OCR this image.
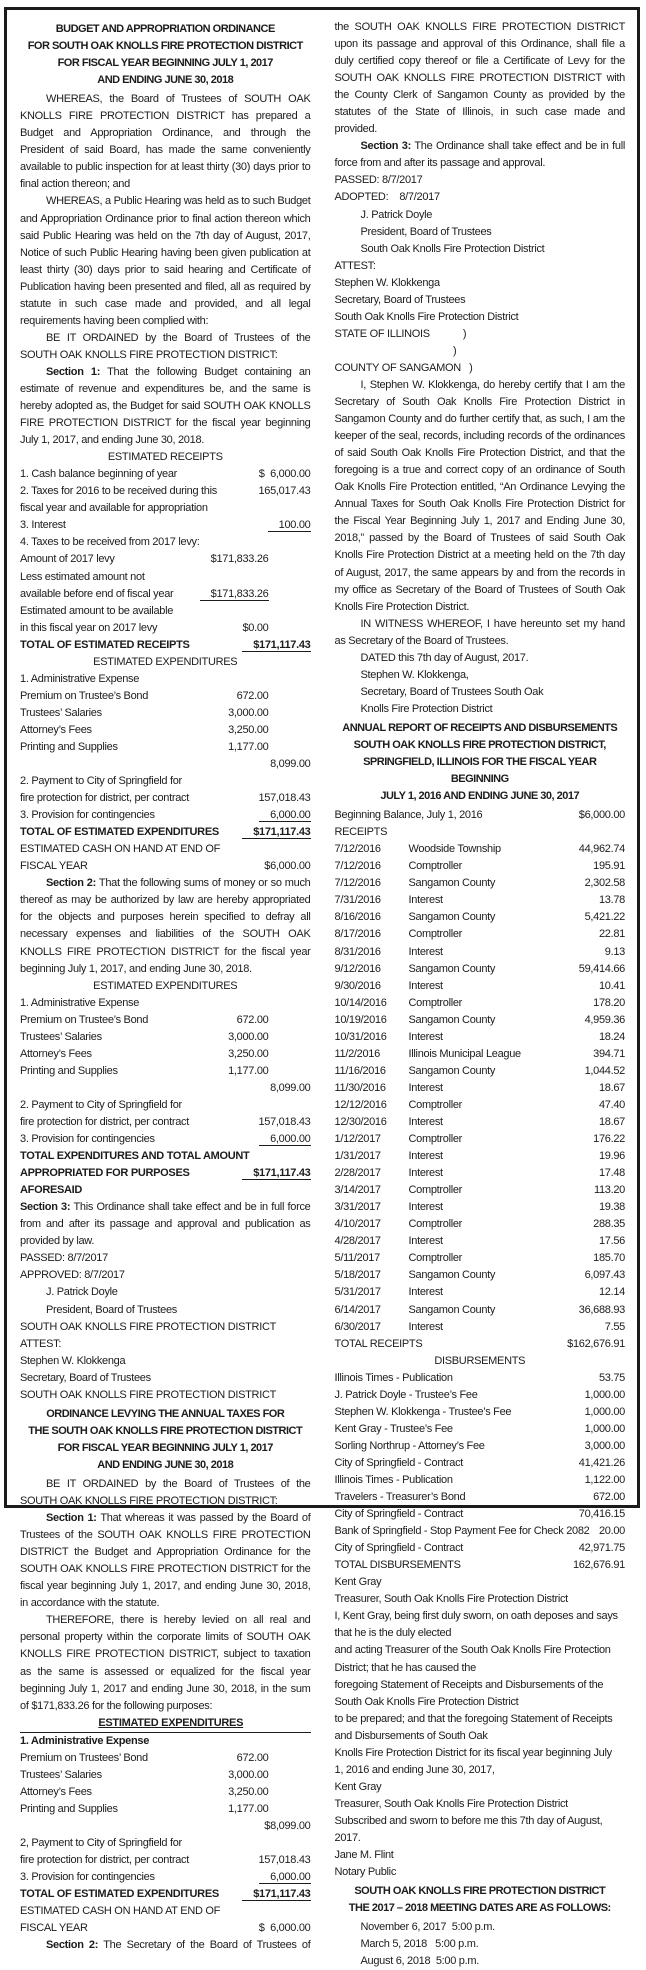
BUDGET AND APPROPRIATION ORDINANCE
FOR SOUTH OAK KNOLLS FIRE PROTECTION DISTRICT
FOR FISCAL YEAR BEGINNING JULY 1, 2017
AND ENDING JUNE 30, 2018
WHEREAS, the Board of Trustees of SOUTH OAK KNOLLS FIRE PROTECTION DISTRICT has prepared a Budget and Appropriation Ordinance, and through the President of said Board, has made the same conveniently available to public inspection for at least thirty (30) days prior to final action thereon; and
WHEREAS, a Public Hearing was held as to such Budget and Appropriation Ordinance prior to final action thereon which said Public Hearing was held on the 7th day of August, 2017, Notice of such Public Hearing having been given publication at least thirty (30) days prior to said hearing and Certificate of Publication having been presented and filed, all as required by statute in such case made and provided, and all legal requirements having been complied with:
BE IT ORDAINED by the Board of Trustees of the SOUTH OAK KNOLLS FIRE PROTECTION DISTRICT:
Section 1: That the following Budget containing an estimate of revenue and expenditures be, and the same is hereby adopted as, the Budget for said SOUTH OAK KNOLLS FIRE PROTECTION DISTRICT for the fiscal year beginning July 1, 2017, and ending June 30, 2018.
ESTIMATED RECEIPTS
1. Cash balance beginning of year	$  6,000.00
2. Taxes for 2016 to be received during this	165,017.43
fiscal year and available for appropriation
3. Interest	100.00
4. Taxes to be received from 2017 levy:
Amount of 2017 levy	$171,833.26
Less estimated amount not
available before end of fiscal year	$171,833.26
Estimated amount to be available
in this fiscal year on 2017 levy	$0.00
TOTAL OF ESTIMATED RECEIPTS	$171,117.43
ESTIMATED EXPENDITURES
1. Administrative Expense
Premium on Trustee’s Bond	672.00
Trustees’ Salaries	3,000.00
Attorney’s Fees	3,250.00
Printing and Supplies	1,177.00
8,099.00
2. Payment to City of Springfield for
fire protection for district, per contract	157,018.43
3. Provision for contingencies	6,000.00
TOTAL OF ESTIMATED EXPENDITURES	$171,117.43
ESTIMATED CASH ON HAND AT END OF
FISCAL YEAR	$6,000.00
Section 2: That the following sums of money or so much thereof as may be authorized by law are hereby appropriated for the objects and purposes herein specified to defray all necessary expenses and liabilities of the SOUTH OAK KNOLLS FIRE PROTECTION DISTRICT for the fiscal year beginning July 1, 2017, and ending June 30, 2018.
ESTIMATED EXPENDITURES
1. Administrative Expense
Premium on Trustee’s Bond	672.00
Trustees’ Salaries	3,000.00
Attorney’s Fees	3,250.00
Printing and Supplies	1,177.00
8,099.00
2. Payment to City of Springfield for
fire protection for district, per contract	157,018.43
3. Provision for contingencies	6,000.00
TOTAL EXPENDITURES AND TOTAL AMOUNT
APPROPRIATED FOR PURPOSES AFORESAID
$171,117.43
Section 3: This Ordinance shall take effect and be in full force from and after its passage and approval and publication as provided by law.
PASSED: 8/7/2017
APPROVED: 8/7/2017
J. Patrick Doyle
President, Board of Trustees
SOUTH OAK KNOLLS FIRE PROTECTION DISTRICT
ATTEST:
Stephen W. Klokkenga
Secretary, Board of Trustees
SOUTH OAK KNOLLS FIRE PROTECTION DISTRICT
ORDINANCE LEVYING THE ANNUAL TAXES FOR
THE SOUTH OAK KNOLLS FIRE PROTECTION DISTRICT
FOR FISCAL YEAR BEGINNING JULY 1, 2017
AND ENDING JUNE 30, 2018
BE IT ORDAINED by the Board of Trustees of the SOUTH OAK KNOLLS FIRE PROTECTION DISTRICT:
Section 1: That whereas it was passed by the Board of Trustees of the SOUTH OAK KNOLLS FIRE PROTECTION DISTRICT the Budget and Appropriation Ordinance for the SOUTH OAK KNOLLS FIRE PROTECTION DISTRICT for the fiscal year beginning July 1, 2017, and ending June 30, 2018, in accordance with the statute.
THEREFORE, there is hereby levied on all real and personal property within the corporate limits of SOUTH OAK KNOLLS FIRE PROTECTION DISTRICT, subject to taxation as the same is assessed or equalized for the fiscal year beginning July 1, 2017 and ending June 30, 2018, in the sum of $171,833.26 for the following purposes:
ESTIMATED EXPENDITURES
1. Administrative Expense
Premium on Trustees’ Bond	672.00
Trustees’ Salaries	3,000.00
Attorney’s Fees	3,250.00
Printing and Supplies	1,177.00
$8,099.00
2, Payment to City of Springfield for
fire protection for district, per contract	157,018.43
3. Provision for contingencies	6,000.00
TOTAL OF ESTIMATED EXPENDITURES	$171,117.43
ESTIMATED CASH ON HAND AT END OF
FISCAL YEAR	$  6,000.00
Section 2: The Secretary of the Board of Trustees of
the SOUTH OAK KNOLLS FIRE PROTECTION DISTRICT upon its passage and approval of this Ordinance, shall file a duly certified copy thereof or file a Certificate of Levy for the SOUTH OAK KNOLLS FIRE PROTECTION DISTRICT with the County Clerk of Sangamon County as provided by the statutes of the State of Illinois, in such case made and provided.
Section 3: The Ordinance shall take effect and be in full force from and after its passage and approval.
PASSED: 8/7/2017
ADOPTED:    8/7/2017
J. Patrick Doyle
President, Board of Trustees
South Oak Knolls Fire Protection District
ATTEST:
Stephen W. Klokkenga
Secretary, Board of Trustees
South Oak Knolls Fire Protection District
STATE OF ILLINOIS            )
)
COUNTY OF SANGAMON   )
I, Stephen W. Klokkenga, do hereby certify that I am the Secretary of South Oak Knolls Fire Protection District in Sangamon County and do further certify that, as such, I am the keeper of the seal, records, including records of the ordinances of said South Oak Knolls Fire Protection District, and that the foregoing is a true and correct copy of an ordinance of South Oak Knolls Fire Protection entitled, “An Ordinance Levying the Annual Taxes for South Oak Knolls Fire Protection District for the Fiscal Year Beginning July 1, 2017 and Ending June 30, 2018,” passed by the Board of Trustees of said South Oak Knolls Fire Protection District at a meeting held on the 7th day of August, 2017, the same appears by and from the records in my office as Secretary of the Board of Trustees of South Oak Knolls Fire Protection District.
IN WITNESS WHEREOF, I have hereunto set my hand as Secretary of the Board of Trustees.
DATED this 7th day of August, 2017.
Stephen W. Klokkenga,
Secretary, Board of Trustees South Oak
Knolls Fire Protection District
ANNUAL REPORT OF RECEIPTS AND DISBURSEMENTS
SOUTH OAK KNOLLS FIRE PROTECTION DISTRICT,
SPRINGFIELD, ILLINOIS FOR THE FISCAL YEAR BEGINNING
JULY 1, 2016 AND ENDING JUNE 30, 2017
Beginning Balance, July 1, 2016	$6,000.00
RECEIPTS
7/12/2016	Woodside Township	44,962.74
7/12/2016	Comptroller	195.91
7/12/2016	Sangamon County	2,302.58
7/31/2016	Interest	13.78
8/16/2016	Sangamon County	5,421.22
8/17/2016	Comptroller	22.81
8/31/2016	Interest	9.13
9/12/2016	Sangamon County	59,414.66
9/30/2016	Interest	10.41
10/14/2016	Comptroller	178.20
10/19/2016	Sangamon County	4,959.36
10/31/2016	Interest	18.24
11/2/2016	Illinois Municipal League	394.71
11/16/2016	Sangamon County	1,044.52
11/30/2016	Interest	18.67
12/12/2016	Comptroller	47.40
12/30/2016	Interest	18.67
1/12/2017	Comptroller	176.22
1/31/2017	Interest	19.96
2/28/2017	Interest	17.48
3/14/2017	Comptroller	113.20
3/31/2017	Interest	19.38
4/10/2017	Comptroller	288.35
4/28/2017	Interest	17.56
5/11/2017	Comptroller	185.70
5/18/2017	Sangamon County	6,097.43
5/31/2017	Interest	12.14
6/14/2017	Sangamon County	36,688.93
6/30/2017	Interest	7.55
TOTAL RECEIPTS	$162,676.91
DISBURSEMENTS
Illinois Times - Publication	53.75
J. Patrick Doyle - Trustee’s Fee	1,000.00
Stephen W. Klokkenga - Trustee’s Fee	1,000.00
Kent Gray - Trustee’s Fee	1,000.00
Sorling Northrup - Attorney’s Fee	3,000.00
City of Springfield - Contract	41,421.26
Illinois Times - Publication	1,122.00
Travelers - Treasurer’s Bond	672.00
City of Springfield - Contract	70,416.15
Bank of Springfield - Stop Payment Fee for Check 2082 20.00
City of Springfield - Contract	42,971.75
TOTAL DISBURSEMENTS	162,676.91
Kent Gray
Treasurer, South Oak Knolls Fire Protection District
I, Kent Gray, being first duly sworn, on oath deposes and says
that he is the duly elected
and acting Treasurer of the South Oak Knolls Fire Protection
District; that he has caused the
foregoing Statement of Receipts and Disbursements of the
South Oak Knolls Fire Protection District
to be prepared; and that the foregoing Statement of Receipts
and Disbursements of South Oak
Knolls Fire Protection District for its fiscal year beginning July
1, 2016 and ending June 30, 2017,
Kent Gray
Treasurer, South Oak Knolls Fire Protection District
Subscribed and sworn to before me this 7th day of August,
2017.
Jane M. Flint
Notary Public
SOUTH OAK KNOLLS FIRE PROTECTION DISTRICT
THE 2017 – 2018 MEETING DATES ARE AS FOLLOWS:
November 6, 2017  5:00 p.m.
March 5, 2018   5:00 p.m.
August 6, 2018  5:00 p.m.
